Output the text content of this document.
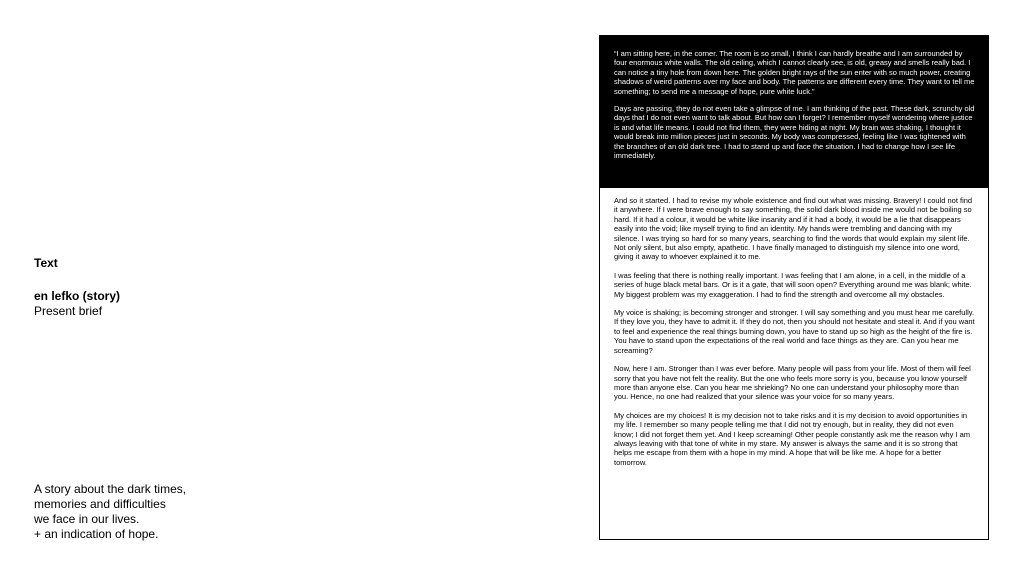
Text
en lefko (story)
Present brief
A story about the dark times,
memories and difficulties
we face in our lives.
+ an indication of hope.

“I am sitting here, in the corner. The room is so small, I think I can hardly breathe and I am surrounded by four enormous white walls. The old ceiling, which I cannot clearly see, is old, greasy and smells really bad. I can notice a tiny hole from down here. The golden bright rays of the sun enter with so much power, creating shadows of weird patterns over my face and body. The patterns are different every time. They want to tell me something; to send me a message of hope, pure white luck.”

Days are passing, they do not even take a glimpse of me. I am thinking of the past. These dark, scrunchy old days that I do not even want to talk about. But how can I forget? I remember myself wondering where justice is and what life means. I could not find them, they were hiding at night. My brain was shaking, I thought it would break into million pieces just in seconds. My body was compressed, feeling like I was tightened with the branches of an old dark tree. I had to stand up and face the situation. I had to change how I see life immediately.

And so it started. I had to revise my whole existence and find out what was missing. Bravery! I could not find it anywhere. If I were brave enough to say something, the solid dark blood inside me would not be boiling so hard. If it had a colour, it would be white like insanity and if it had a body, it would be a lie that disappears easily into the void; like myself trying to find an identity. My hands were trembling and dancing with my silence. I was trying so hard for so many years, searching to find the words that would explain my silent life. Not only silent, but also empty, apathetic. I have finally managed to distinguish my silence into one word, giving it away to whoever explained it to me.

I was feeling that there is nothing really important. I was feeling that I am alone, in a cell, in the middle of a series of huge black metal bars. Or is it a gate, that will soon open? Everything around me was blank; white. My biggest problem was my exaggeration. I had to find the strength and overcome all my obstacles.

My voice is shaking; is becoming stronger and stronger. I will say something and you must hear me carefully. If they love you, they have to admit it. If they do not, then you should not hesitate and steal it. And if you want to feel and experience the real things burning down, you have to stand up so high as the height of the fire is. You have to stand upon the expectations of the real world and face things as they are. Can you hear me screaming?

Now, here I am. Stronger than I was ever before. Many people will pass from your life. Most of them will feel sorry that you have not felt the reality. But the one who feels more sorry is you, because you know yourself more than anyone else. Can you hear me shrieking? No one can understand your philosophy more than you. Hence, no one had realized that your silence was your voice for so many years.

My choices are my choices! It is my decision not to take risks and it is my decision to avoid opportunities in my life. I remember so many people telling me that I did not try enough, but in reality, they did not even know; I did not forget them yet. And I keep screaming! Other people constantly ask me the reason why I am always leaving with that tone of white in my stare. My answer is always the same and it is so strong that helps me escape from them with a hope in my mind. A hope that will be like me. A hope for a better tomorrow.
